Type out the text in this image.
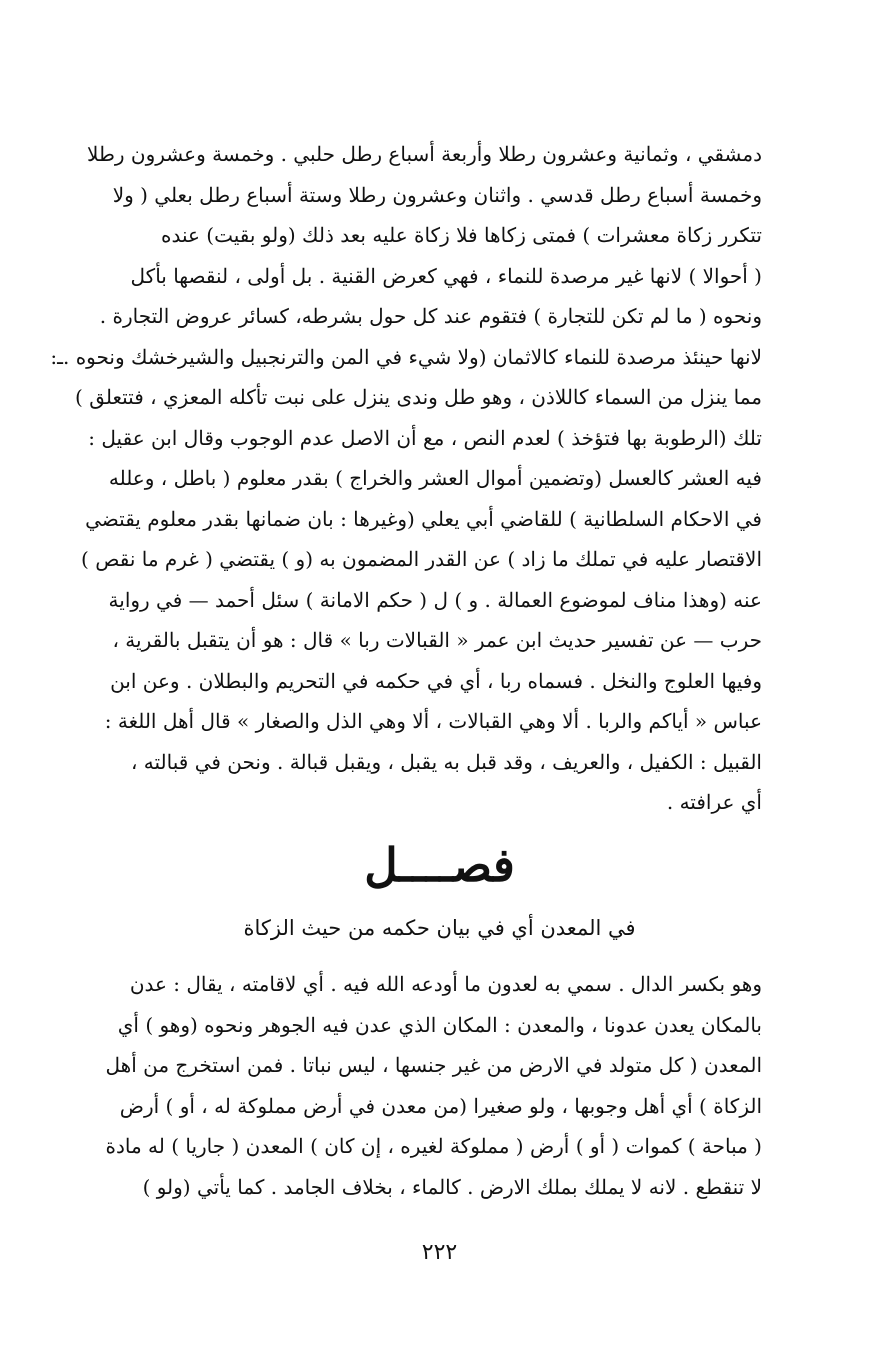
دمشقي ، وثمانية وعشرون رطلا وأربعة أسباع رطل حلبي . وخمسة وعشرون رطلا
وخمسة أسباع رطل قدسي . واثنان وعشرون رطلا وستة أسباع رطل بعلي ( ولا
تتكرر زكاة معشرات ) فمتى زكاها فلا زكاة عليه بعد ذلك (ولو بقيت) عنده
( أحوالا ) لانها غير مرصدة للنماء ، فهي كعرض القنية . بل أولى ، لنقصها بأكل
ونحوه ( ما لم تكن للتجارة ) فتقوم عند كل حول بشرطه، كسائر عروض التجارة .
لانها حينئذ مرصدة للنماء كالاثمان (ولا شيء في المن والترنجبيل والشيرخشك ونحوه .ـ:
مما ينزل من السماء كاللاذن ، وهو طل وندى ينزل على نبت تأكله المعزي ، فتتعلق )
تلك (الرطوبة بها فتؤخذ ) لعدم النص ، مع أن الاصل عدم الوجوب وقال ابن عقيل :
فيه العشر كالعسل (وتضمين أموال العشر والخراج ) بقدر معلوم ( باطل ، وعلله
في الاحكام السلطانية ) للقاضي أبي يعلي (وغيرها : بان ضمانها بقدر معلوم يقتضي
الاقتصار عليه في تملك ما زاد ) عن القدر المضمون به (و ) يقتضي ( غرم ما نقص )
عنه (وهذا مناف لموضوع العمالة . و ) ل ( حكم الامانة ) سئل أحمد — في رواية
حرب — عن تفسير حديث ابن عمر « القبالات ربا » قال : هو أن يتقبل بالقرية ،
وفيها العلوج والنخل . فسماه ربا ، أي في حكمه في التحريم والبطلان . وعن ابن
عباس « أياكم والربا . ألا وهي القبالات ، ألا وهي الذل والصغار » قال أهل اللغة :
القبيل : الكفيل ، والعريف ، وقد قبل به يقبل ، ويقبل قبالة . ونحن في قبالته ،
أي عرافته .
فصــــل
في المعدن أي في بيان حكمه من حيث الزكاة
وهو بكسر الدال . سمي به لعدون ما أودعه الله فيه . أي لاقامته ، يقال : عدن
بالمكان يعدن عدونا ، والمعدن : المكان الذي عدن فيه الجوهر ونحوه (وهو ) أي
المعدن ( كل متولد في الارض من غير جنسها ، ليس نباتا . فمن استخرج من أهل
الزكاة ) أي أهل وجوبها ، ولو صغيرا (من معدن في أرض مملوكة له ، أو ) أرض
( مباحة ) كموات ( أو ) أرض ( مملوكة لغيره ، إن كان ) المعدن ( جاريا ) له مادة
لا تنقطع . لانه لا يملك بملك الارض . كالماء ، بخلاف الجامد . كما يأتي (ولو )
٢٢٢
